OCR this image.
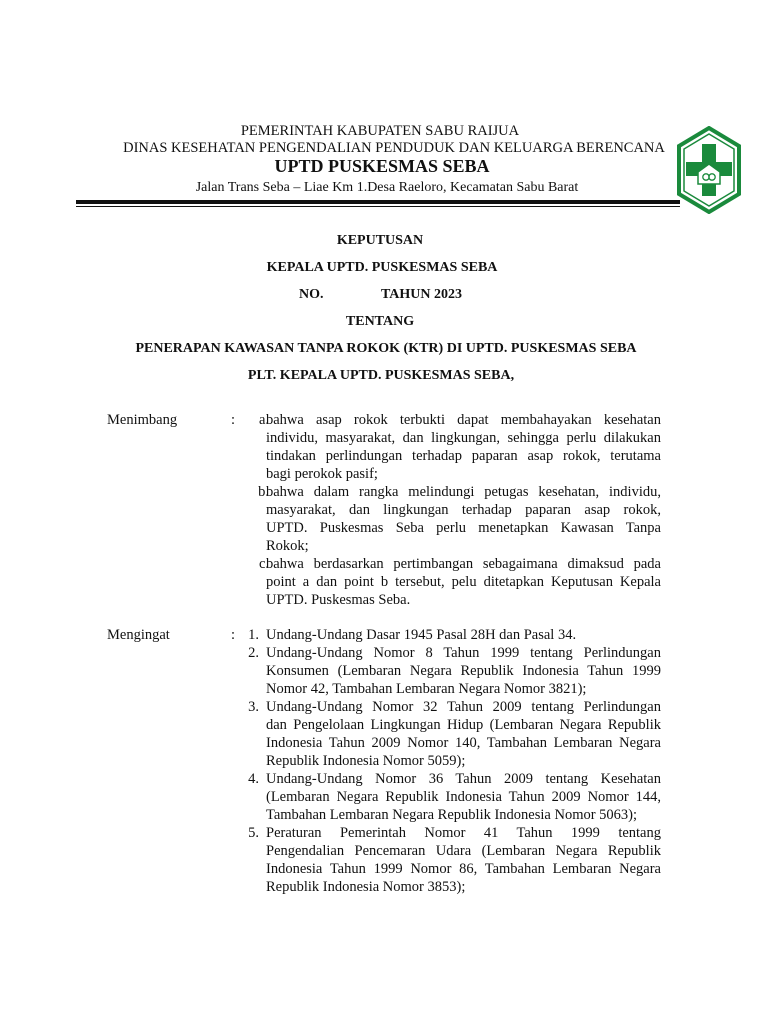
PEMERINTAH KABUPATEN SABU RAIJUA
DINAS KESEHATAN PENGENDALIAN PENDUDUK DAN KELUARGA BERENCANA
UPTD PUSKESMAS SEBA
Jalan Trans Seba – Liae Km 1.Desa Raeloro, Kecamatan Sabu Barat
KEPUTUSAN
KEPALA UPTD. PUSKESMAS SEBA
NO.	TAHUN 2023
TENTANG
PENERAPAN KAWASAN TANPA ROKOK (KTR) DI UPTD. PUSKESMAS SEBA
PLT. KEPALA UPTD. PUSKESMAS SEBA,
Menimbang	:	a.
bahwa asap rokok terbukti dapat membahayakan kesehatan
individu, masyarakat, dan lingkungan, sehingga perlu dilakukan
tindakan perlindungan terhadap paparan asap rokok, terutama
bagi perokok pasif;
b.
bahwa dalam rangka melindungi petugas kesehatan, individu,
masyarakat, dan lingkungan terhadap paparan asap rokok,
UPTD. Puskesmas Seba perlu menetapkan Kawasan Tanpa
Rokok;
c.
bahwa berdasarkan pertimbangan sebagaimana dimaksud pada
point a dan point b tersebut, pelu ditetapkan Keputusan Kepala
UPTD. Puskesmas Seba.
Mengingat	: 1. Undang-Undang Dasar 1945 Pasal 28H dan Pasal 34.
2. Undang-Undang Nomor 8 Tahun 1999 tentang Perlindungan
Konsumen (Lembaran Negara Republik Indonesia Tahun 1999
Nomor 42, Tambahan Lembaran Negara Nomor 3821);
3. Undang-Undang Nomor 32 Tahun 2009 tentang Perlindungan
dan Pengelolaan Lingkungan Hidup (Lembaran Negara Republik
Indonesia Tahun 2009 Nomor 140, Tambahan Lembaran Negara
Republik Indonesia Nomor 5059);
4. Undang-Undang Nomor 36 Tahun 2009 tentang Kesehatan
(Lembaran Negara Republik Indonesia Tahun 2009 Nomor 144,
Tambahan Lembaran Negara Republik Indonesia Nomor 5063);
5. Peraturan Pemerintah Nomor 41 Tahun 1999 tentang
Pengendalian Pencemaran Udara (Lembaran Negara Republik
Indonesia Tahun 1999 Nomor 86, Tambahan Lembaran Negara
Republik Indonesia Nomor 3853);
